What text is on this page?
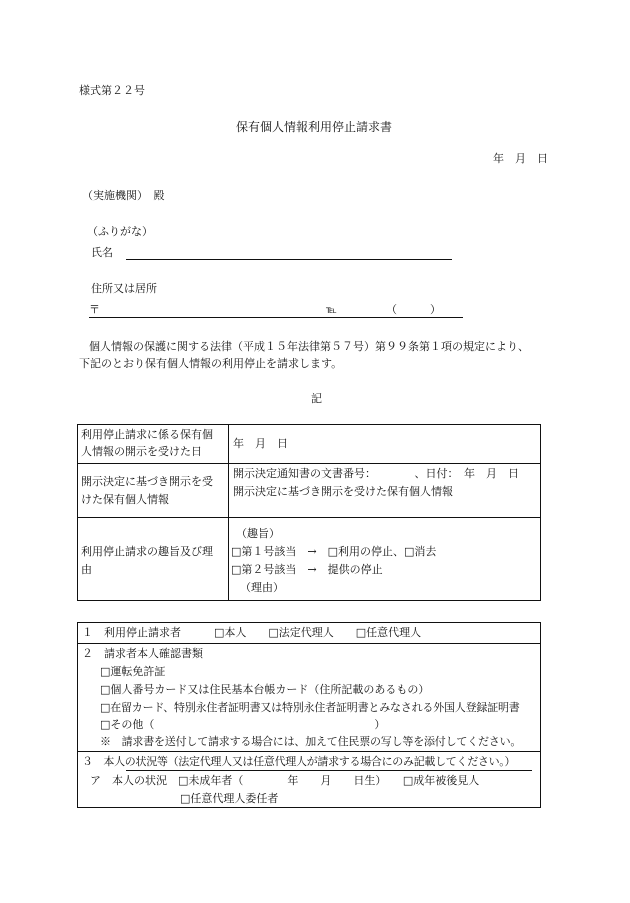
様式第２２号
保有個人情報利用停止請求書
年　月　日
（実施機関）　殿
（ふりがな）
氏名
住所又は居所
〒	℡	（　　　）
個人情報の保護に関する法律（平成１５年法律第５７号）第９９条第１項の規定により、
下記のとおり保有個人情報の利用停止を請求します。
記
利用停止請求に係る保有個
人情報の開示を受けた日
年　月　日
開示決定に基づき開示を受
けた保有個人情報
開示決定通知書の文書番号：　　　　、日付：　年　月　日
開示決定に基づき開示を受けた保有個人情報
利用停止請求の趣旨及び理
由
（趣旨）
□第１号該当　→　□利用の停止、□消去
□第２号該当　→　提供の停止
（理由）
１　利用停止請求者　　　□本人　　□法定代理人　　□任意代理人
２　請求者本人確認書類
□運転免許証
□個人番号カード又は住民基本台帳カード（住所記載のあるもの）
□在留カード、特別永住者証明書又は特別永住者証明書とみなされる外国人登録証明書
□その他（　　　　　　　　　　　　　　　　　　　　）
※　請求書を送付して請求する場合には、加えて住民票の写し等を添付してください。
３　本人の状況等（法定代理人又は任意代理人が請求する場合にのみ記載してください。）
ア　本人の状況　□未成年者（　　　　年　　月　　日生）　　□成年被後見人
□任意代理人委任者
